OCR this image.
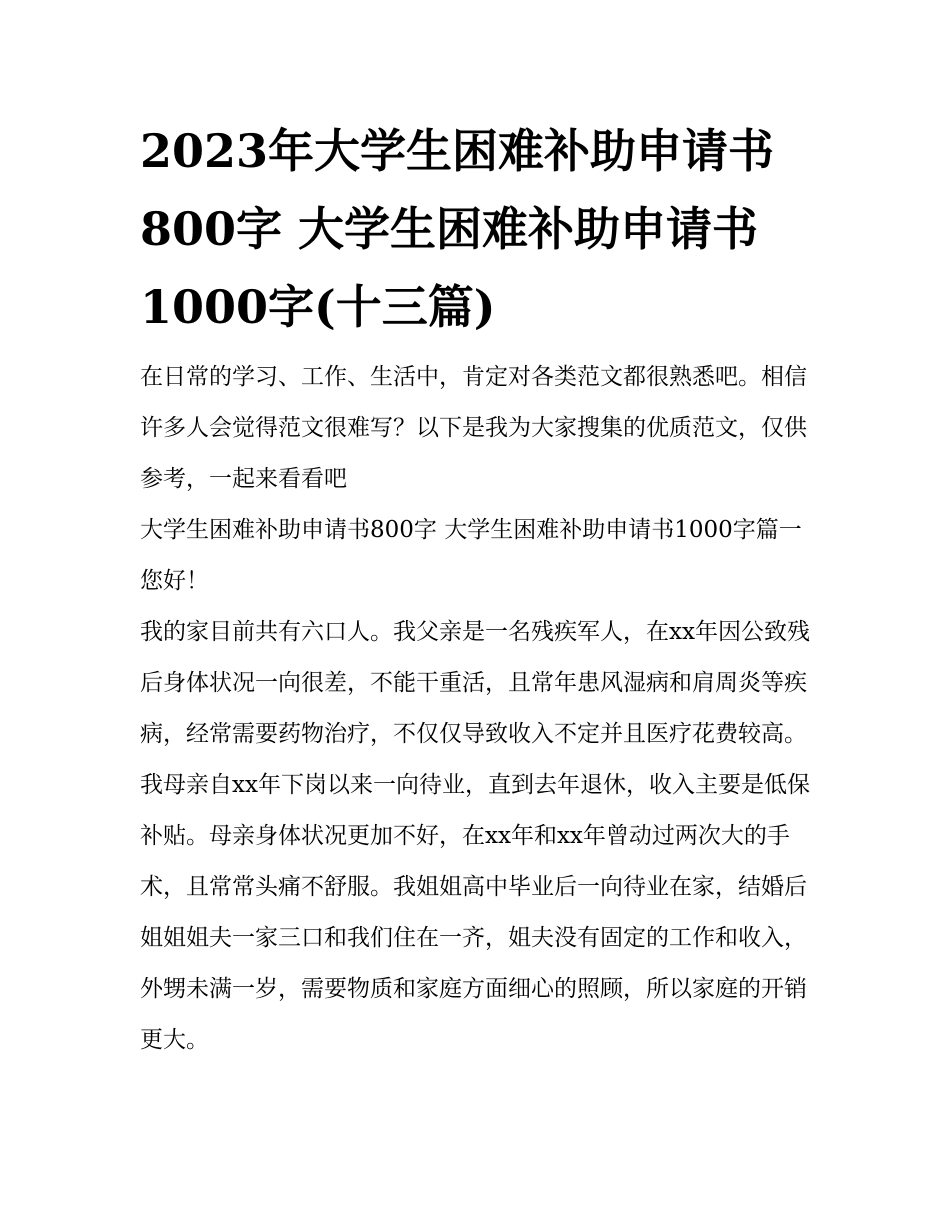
2023年大学生困难补助申请书800字 大学生困难补助申请书1000字(十三篇)

在日常的学习、工作、生活中，肯定对各类范文都很熟悉吧。相信许多人会觉得范文很难写？以下是我为大家搜集的优质范文，仅供参考，一起来看看吧

大学生困难补助申请书800字 大学生困难补助申请书1000字篇一 您好！

我的家目前共有六口人。我父亲是一名残疾军人，在xx年因公致残后身体状况一向很差，不能干重活，且常年患风湿病和肩周炎等疾病，经常需要药物治疗，不仅仅导致收入不定并且医疗花费较高。

我母亲自xx年下岗以来一向待业，直到去年退休，收入主要是低保补贴。母亲身体状况更加不好，在xx年和xx年曾动过两次大的手术，且常常头痛不舒服。我姐姐高中毕业后一向待业在家，结婚后姐姐姐夫一家三口和我们住在一齐，姐夫没有固定的工作和收入，外甥未满一岁，需要物质和家庭方面细心的照顾，所以家庭的开销更大。
